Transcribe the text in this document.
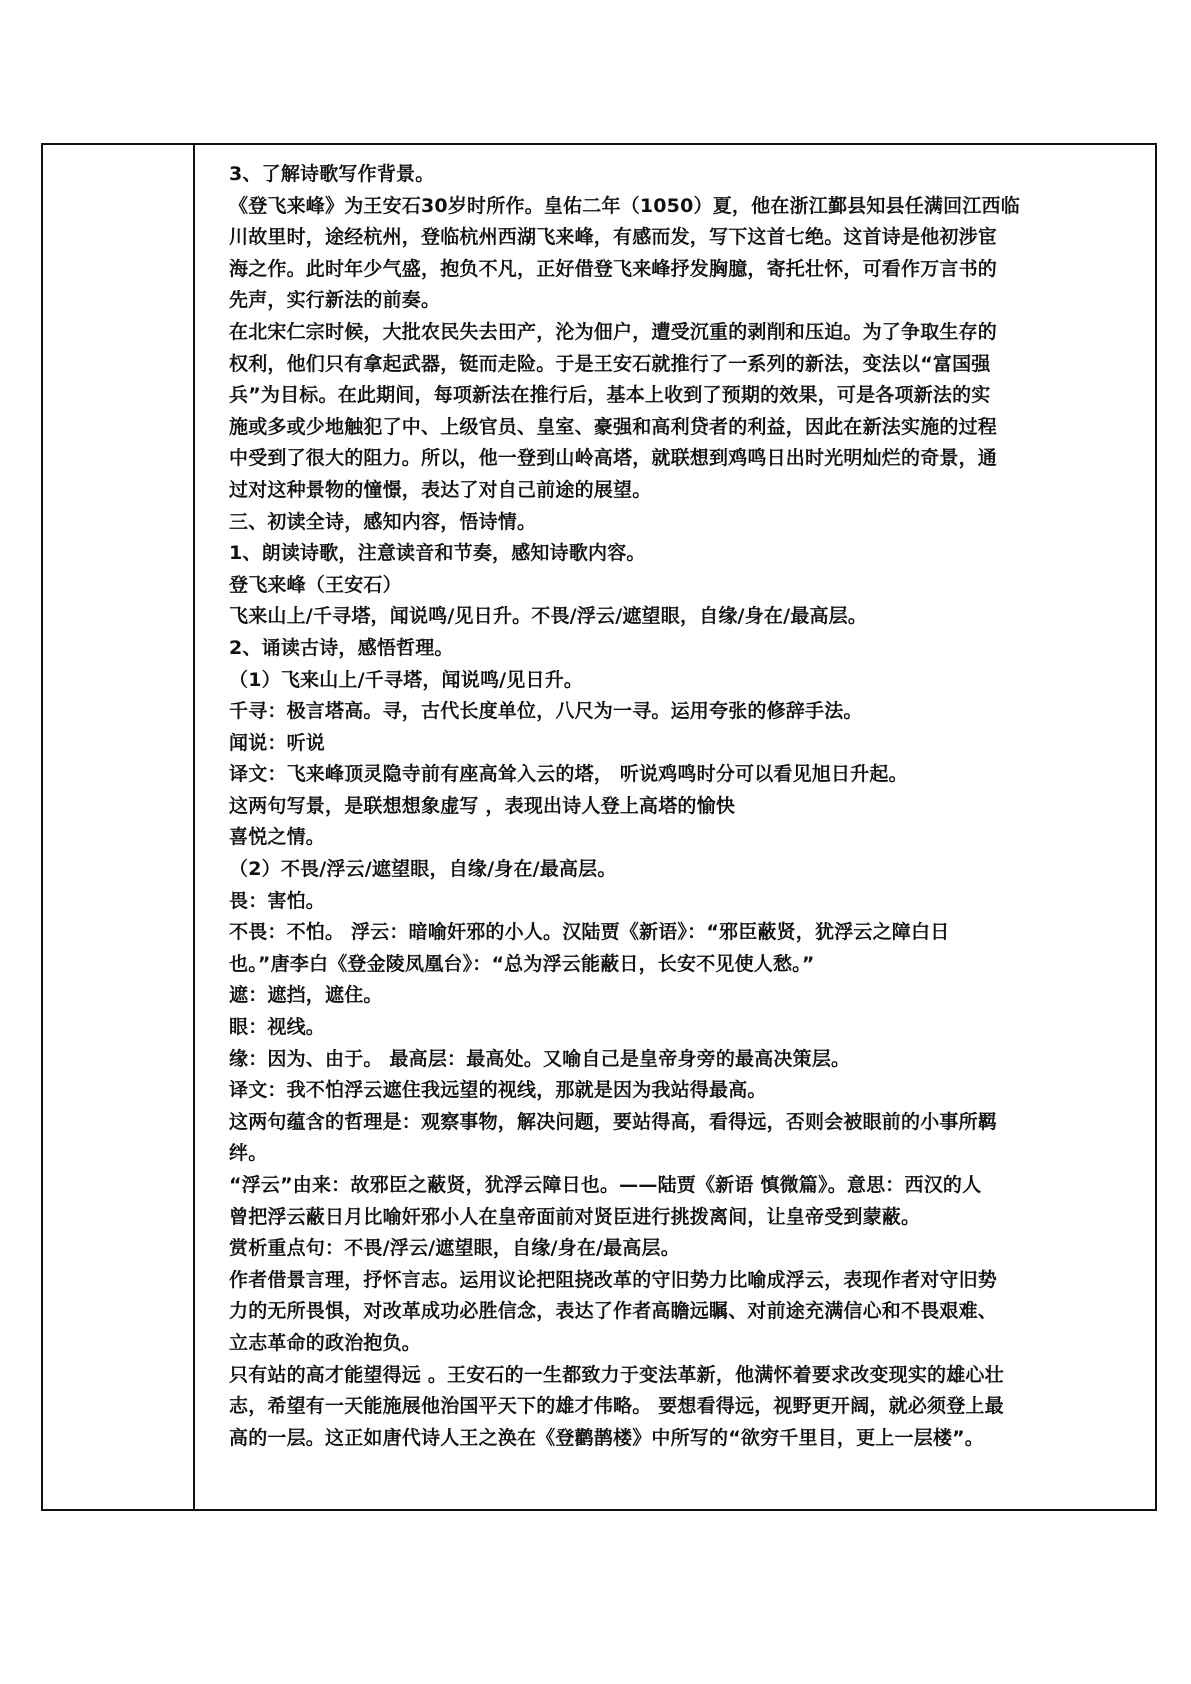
3、了解诗歌写作背景。
《登飞来峰》为王安石30岁时所作。皇佑二年（1050）夏，他在浙江鄞县知县任满回江西临
川故里时，途经杭州，登临杭州西湖飞来峰，有感而发，写下这首七绝。这首诗是他初涉宦
海之作。此时年少气盛，抱负不凡，正好借登飞来峰抒发胸臆，寄托壮怀，可看作万言书的
先声，实行新法的前奏。
在北宋仁宗时候，大批农民失去田产，沦为佃户，遭受沉重的剥削和压迫。为了争取生存的
权利，他们只有拿起武器，铤而走险。于是王安石就推行了一系列的新法，变法以“富国强
兵”为目标。在此期间，每项新法在推行后，基本上收到了预期的效果，可是各项新法的实
施或多或少地触犯了中、上级官员、皇室、豪强和高利贷者的利益，因此在新法实施的过程
中受到了很大的阻力。所以，他一登到山岭高塔，就联想到鸡鸣日出时光明灿烂的奇景，通
过对这种景物的憧憬，表达了对自己前途的展望。
三、初读全诗，感知内容，悟诗情。
1、朗读诗歌，注意读音和节奏，感知诗歌内容。
登飞来峰（王安石）
飞来山上/千寻塔，闻说鸣/见日升。不畏/浮云/遮望眼，自缘/身在/最高层。
2、诵读古诗，感悟哲理。
（1）飞来山上/千寻塔，闻说鸣/见日升。
千寻：极言塔高。寻，古代长度单位，八尺为一寻。运用夸张的修辞手法。
闻说：听说
译文：飞来峰顶灵隐寺前有座高耸入云的塔， 听说鸡鸣时分可以看见旭日升起。
这两句写景，是联想想象虚写 ，表现出诗人登上高塔的愉快
喜悦之情。
（2）不畏/浮云/遮望眼，自缘/身在/最高层。
畏：害怕。
不畏：不怕。 浮云：暗喻奸邪的小人。汉陆贾《新语》：“邪臣蔽贤，犹浮云之障白日
也。”唐李白《登金陵凤凰台》：“总为浮云能蔽日，长安不见使人愁。”
遮：遮挡，遮住。
眼：视线。
缘：因为、由于。 最高层：最高处。又喻自己是皇帝身旁的最高决策层。
译文：我不怕浮云遮住我远望的视线，那就是因为我站得最高。
这两句蕴含的哲理是：观察事物，解决问题，要站得高，看得远，否则会被眼前的小事所羁
绊。
“浮云”由来：故邪臣之蔽贤，犹浮云障日也。——陆贾《新语 慎微篇》。意思：西汉的人
曾把浮云蔽日月比喻奸邪小人在皇帝面前对贤臣进行挑拨离间，让皇帝受到蒙蔽。
赏析重点句：不畏/浮云/遮望眼，自缘/身在/最高层。
作者借景言理，抒怀言志。运用议论把阻挠改革的守旧势力比喻成浮云，表现作者对守旧势
力的无所畏惧，对改革成功必胜信念，表达了作者高瞻远瞩、对前途充满信心和不畏艰难、
立志革命的政治抱负。
只有站的高才能望得远 。王安石的一生都致力于变法革新，他满怀着要求改变现实的雄心壮
志，希望有一天能施展他治国平天下的雄才伟略。 要想看得远，视野更开阔，就必须登上最
高的一层。这正如唐代诗人王之涣在《登鹳鹊楼》中所写的“欲穷千里目，更上一层楼”。
